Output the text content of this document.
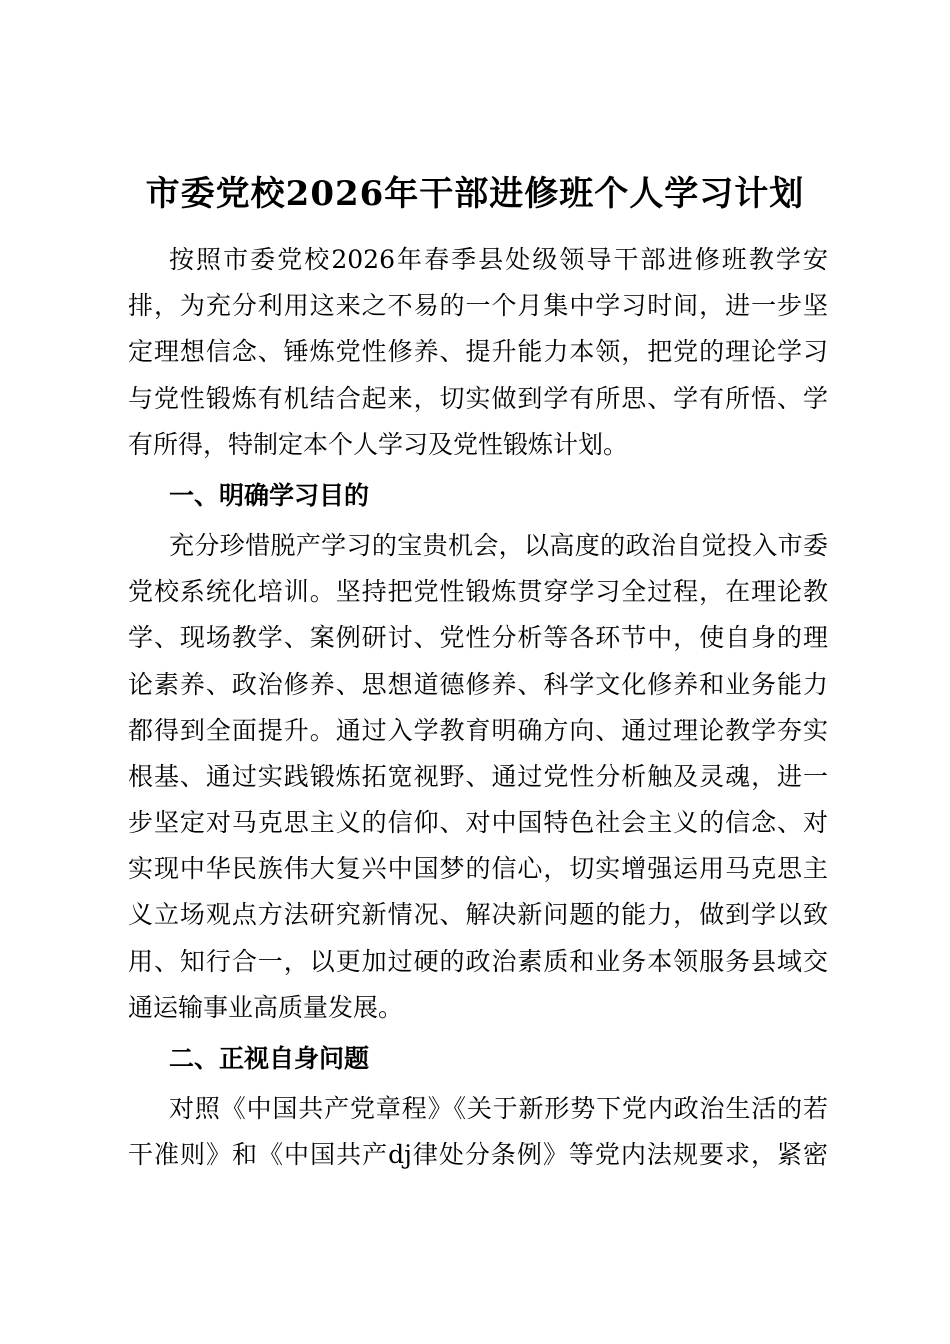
市委党校2026年干部进修班个人学习计划
按照市委党校2026年春季县处级领导干部进修班教学安
排，为充分利用这来之不易的一个月集中学习时间，进一步坚
定理想信念、锤炼党性修养、提升能力本领，把党的理论学习
与党性锻炼有机结合起来，切实做到学有所思、学有所悟、学
有所得，特制定本个人学习及党性锻炼计划。
一、明确学习目的
充分珍惜脱产学习的宝贵机会，以高度的政治自觉投入市委
党校系统化培训。坚持把党性锻炼贯穿学习全过程，在理论教
学、现场教学、案例研讨、党性分析等各环节中，使自身的理
论素养、政治修养、思想道德修养、科学文化修养和业务能力
都得到全面提升。通过入学教育明确方向、通过理论教学夯实
根基、通过实践锻炼拓宽视野、通过党性分析触及灵魂，进一
步坚定对马克思主义的信仰、对中国特色社会主义的信念、对
实现中华民族伟大复兴中国梦的信心，切实增强运用马克思主
义立场观点方法研究新情况、解决新问题的能力，做到学以致
用、知行合一，以更加过硬的政治素质和业务本领服务县域交
通运输事业高质量发展。
二、正视自身问题
对照《中国共产党章程》《关于新形势下党内政治生活的若
干准则》和《中国共产dj律处分条例》等党内法规要求，紧密
